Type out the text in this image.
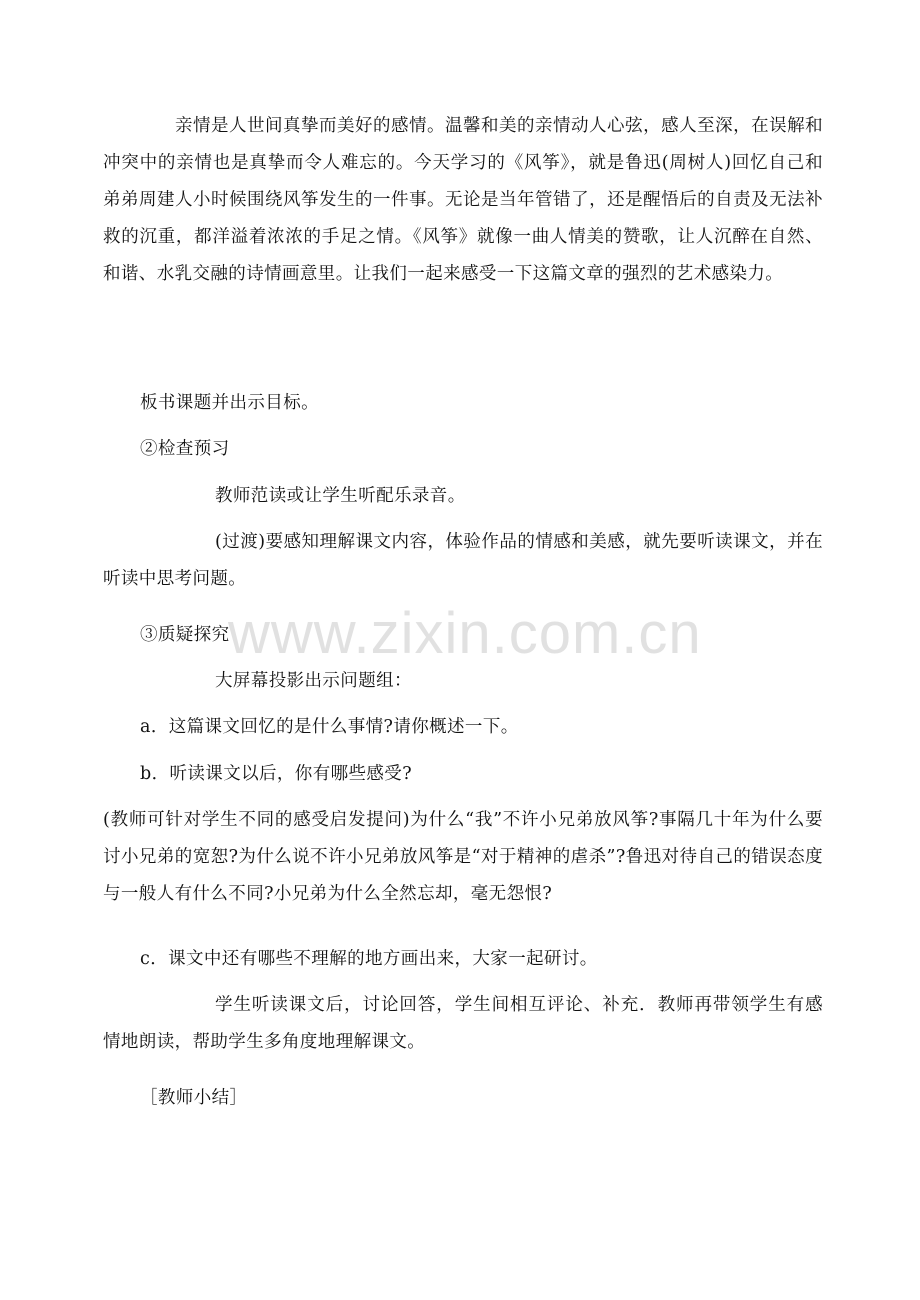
亲情是人世间真挚而美好的感情。温馨和美的亲情动人心弦，感人至深，在误解和冲突中的亲情也是真挚而令人难忘的。今天学习的《风筝》，就是鲁迅(周树人)回忆自己和弟弟周建人小时候围绕风筝发生的一件事。无论是当年管错了，还是醒悟后的自责及无法补救的沉重，都洋溢着浓浓的手足之情。《风筝》就像一曲人情美的赞歌，让人沉醉在自然、和谐、水乳交融的诗情画意里。让我们一起来感受一下这篇文章的强烈的艺术感染力。

板书课题并出示目标。

②检查预习

教师范读或让学生听配乐录音。

(过渡)要感知理解课文内容，体验作品的情感和美感，就先要听读课文，并在听读中思考问题。

③质疑探究

大屏幕投影出示问题组：

a．这篇课文回忆的是什么事情?请你概述一下。

b．听读课文以后，你有哪些感受?

(教师可针对学生不同的感受启发提问)为什么“我”不许小兄弟放风筝?事隔几十年为什么要讨小兄弟的宽恕?为什么说不许小兄弟放风筝是“对于精神的虐杀”?鲁迅对待自己的错误态度与一般人有什么不同?小兄弟为什么全然忘却，毫无怨恨?

c．课文中还有哪些不理解的地方画出来，大家一起研讨。

学生听读课文后，讨论回答，学生间相互评论、补充．教师再带领学生有感情地朗读，帮助学生多角度地理解课文。

［教师小结］

www.zixin.com.cn
